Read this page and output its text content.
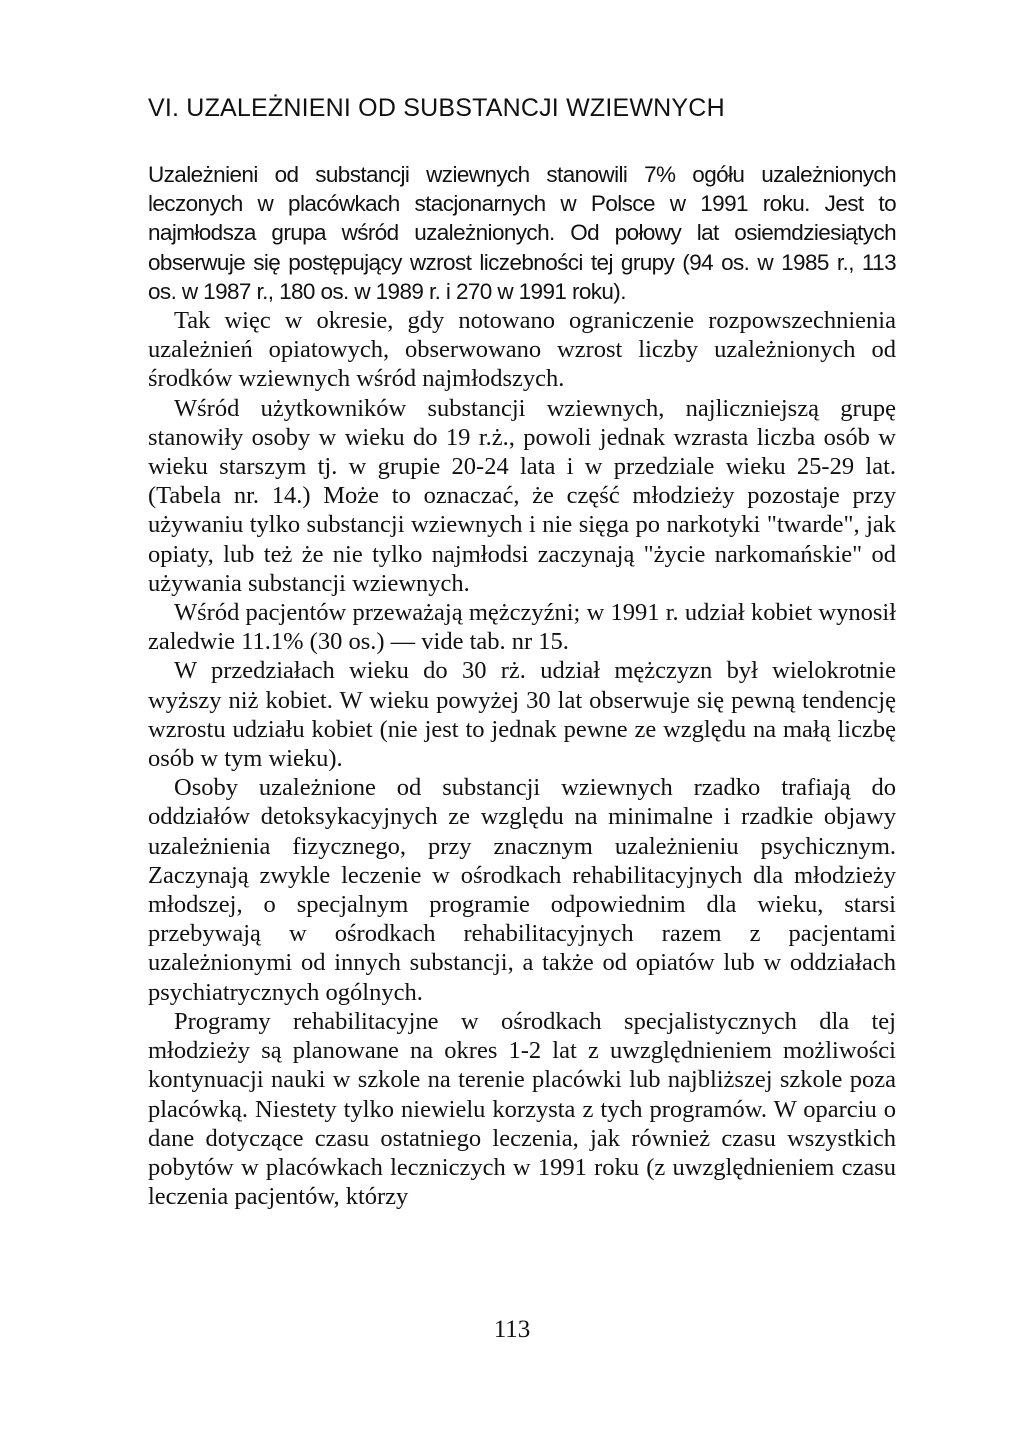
VI. UZALEŻNIENI OD SUBSTANCJI WZIEWNYCH

Uzależnieni od substancji wziewnych stanowili 7% ogółu uzależnionych leczonych w placówkach stacjonarnych w Polsce w 1991 roku. Jest to najmłodsza grupa wśród uzależnionych. Od połowy lat osiemdziesiątych obserwuje się postępujący wzrost liczebności tej grupy (94 os. w 1985 r., 113 os. w 1987 r., 180 os. w 1989 r. i 270 w 1991 roku).

Tak więc w okresie, gdy notowano ograniczenie rozpowszechnienia uzależnień opiatowych, obserwowano wzrost liczby uzależnionych od środków wziewnych wśród najmłodszych.

Wśród użytkowników substancji wziewnych, najliczniejszą grupę stanowiły osoby w wieku do 19 r.ż., powoli jednak wzrasta liczba osób w wieku starszym tj. w grupie 20-24 lata i w przedziale wieku 25-29 lat. (Tabela nr. 14.) Może to oznaczać, że część młodzieży pozostaje przy używaniu tylko substancji wziewnych i nie sięga po narkotyki "twarde", jak opiaty, lub też że nie tylko najmłodsi zaczynają "życie narkomańskie" od używania substancji wziewnych.

Wśród pacjentów przeważają mężczyźni; w 1991 r. udział kobiet wynosił zaledwie 11.1% (30 os.) — vide tab. nr 15.

W przedziałach wieku do 30 rż. udział mężczyzn był wielokrotnie wyższy niż kobiet. W wieku powyżej 30 lat obserwuje się pewną tendencję wzrostu udziału kobiet (nie jest to jednak pewne ze względu na małą liczbę osób w tym wieku).

Osoby uzależnione od substancji wziewnych rzadko trafiają do oddziałów detoksykacyjnych ze względu na minimalne i rzadkie objawy uzależnienia fizycznego, przy znacznym uzależnieniu psychicznym. Zaczynają zwykle leczenie w ośrodkach rehabilitacyjnych dla młodzieży młodszej, o specjalnym programie odpowiednim dla wieku, starsi przebywają w ośrodkach rehabilitacyjnych razem z pacjentami uzależnionymi od innych substancji, a także od opiatów lub w oddziałach psychiatrycznych ogólnych.

Programy rehabilitacyjne w ośrodkach specjalistycznych dla tej młodzieży są planowane na okres 1-2 lat z uwzględnieniem możliwości kontynuacji nauki w szkole na terenie placówki lub najbliższej szkole poza placówką. Niestety tylko niewielu korzysta z tych programów. W oparciu o dane dotyczące czasu ostatniego leczenia, jak również czasu wszystkich pobytów w placówkach leczniczych w 1991 roku (z uwzględnieniem czasu leczenia pacjentów, którzy

113
